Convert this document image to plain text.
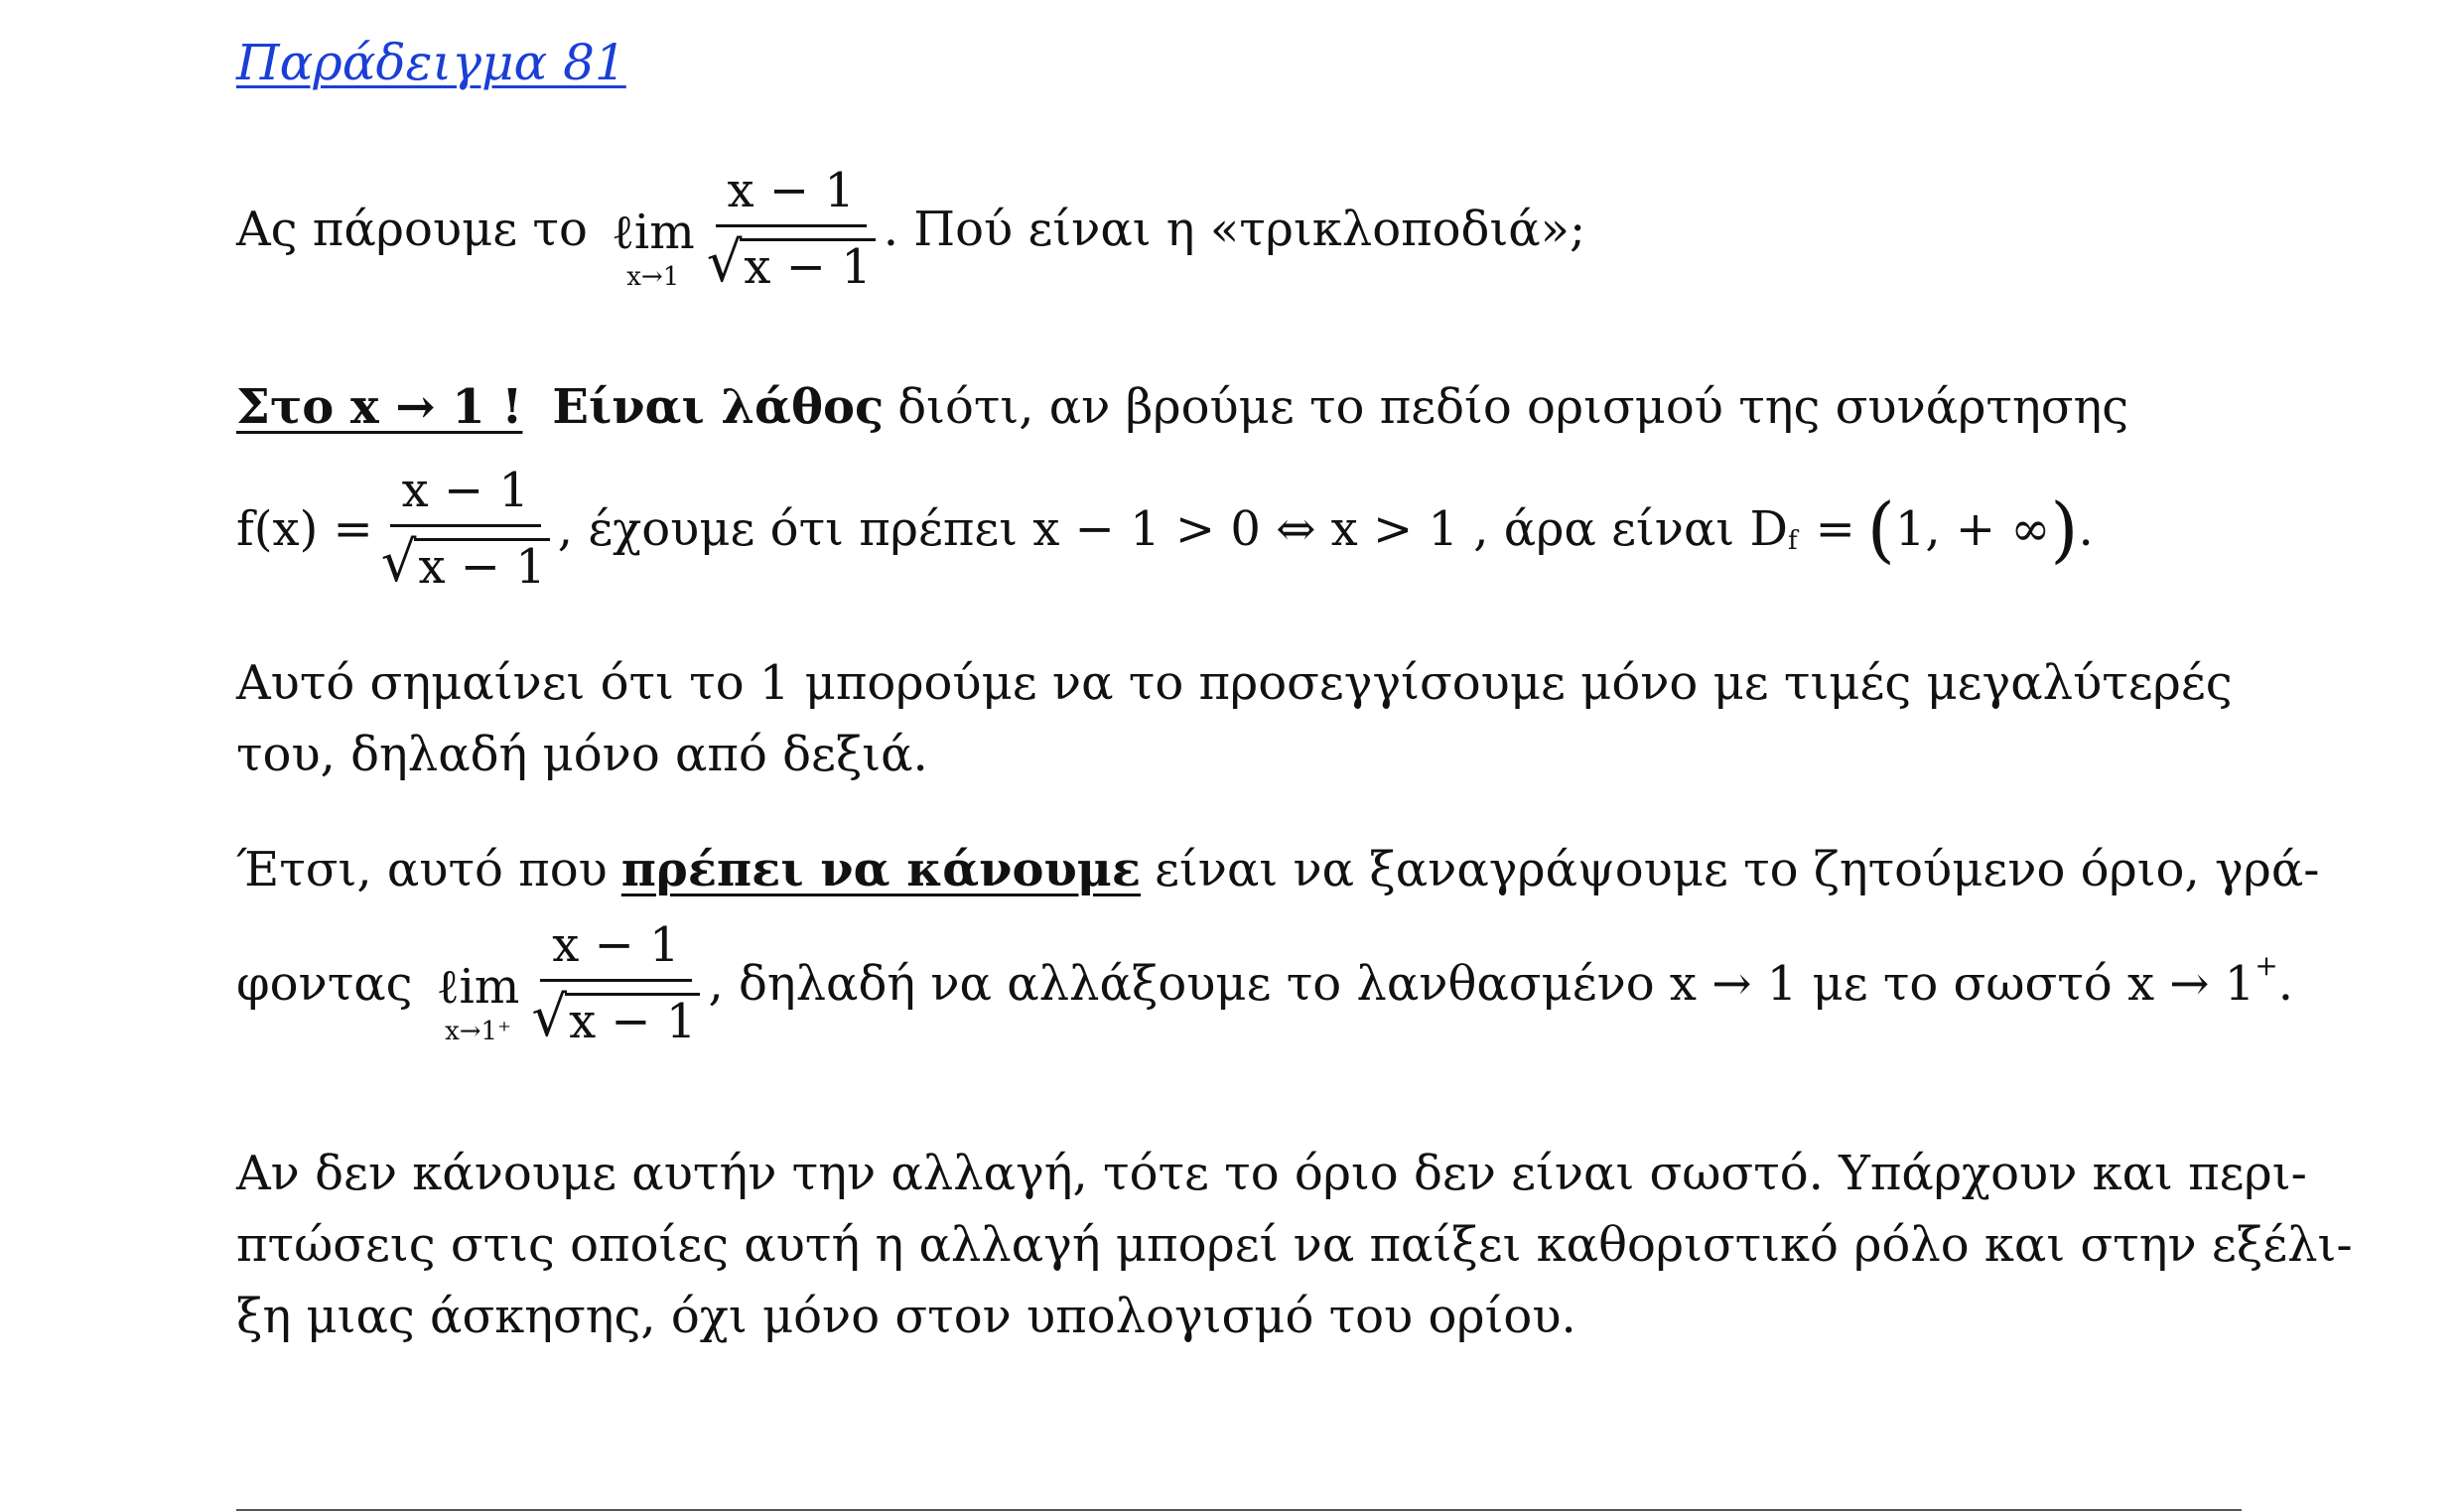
Παράδειγμα 81
Ας πάρουμε το ℓim
$x\to 1 \frac{x - 1}{√ x - 1}$ . Πού είναι η «τρικλοποδιά»;
Στο x → 1 ! Είναι λάθος διότι, αν βρούμε το πεδίο ορισμού της συνάρτησης
$f(x) = \frac{x - 1}{√ x - 1}$ , έχουμε ότι πρέπει x − 1 > 0 ⇔ x > 1 , άρα είναι D f = ( 1, + ∞ ) .
Αυτό σημαίνει ότι το 1 μπορούμε να το προσεγγίσουμε μόνο με τιμές μεγαλύτερές
του, δηλαδή μόνο από δεξιά.
Έτσι, αυτό που πρέπει να κάνουμε είναι να ξαναγράψουμε το ζητούμενο όριο, γρά-
φοντας ℓim
$x\to 1^+ \frac{x - 1}{√ x - 1}$ , δηλαδή να αλλάξουμε το λανθασμένο x → 1 με το σωστό x → 1 + .
Αν δεν κάνουμε αυτήν την αλλαγή, τότε το όριο δεν είναι σωστό. Υπάρχουν και περι-
πτώσεις στις οποίες αυτή η αλλαγή μπορεί να παίξει καθοριστικό ρόλο και στην εξέλι-
ξη μιας άσκησης, όχι μόνο στον υπολογισμό του ορίου.
